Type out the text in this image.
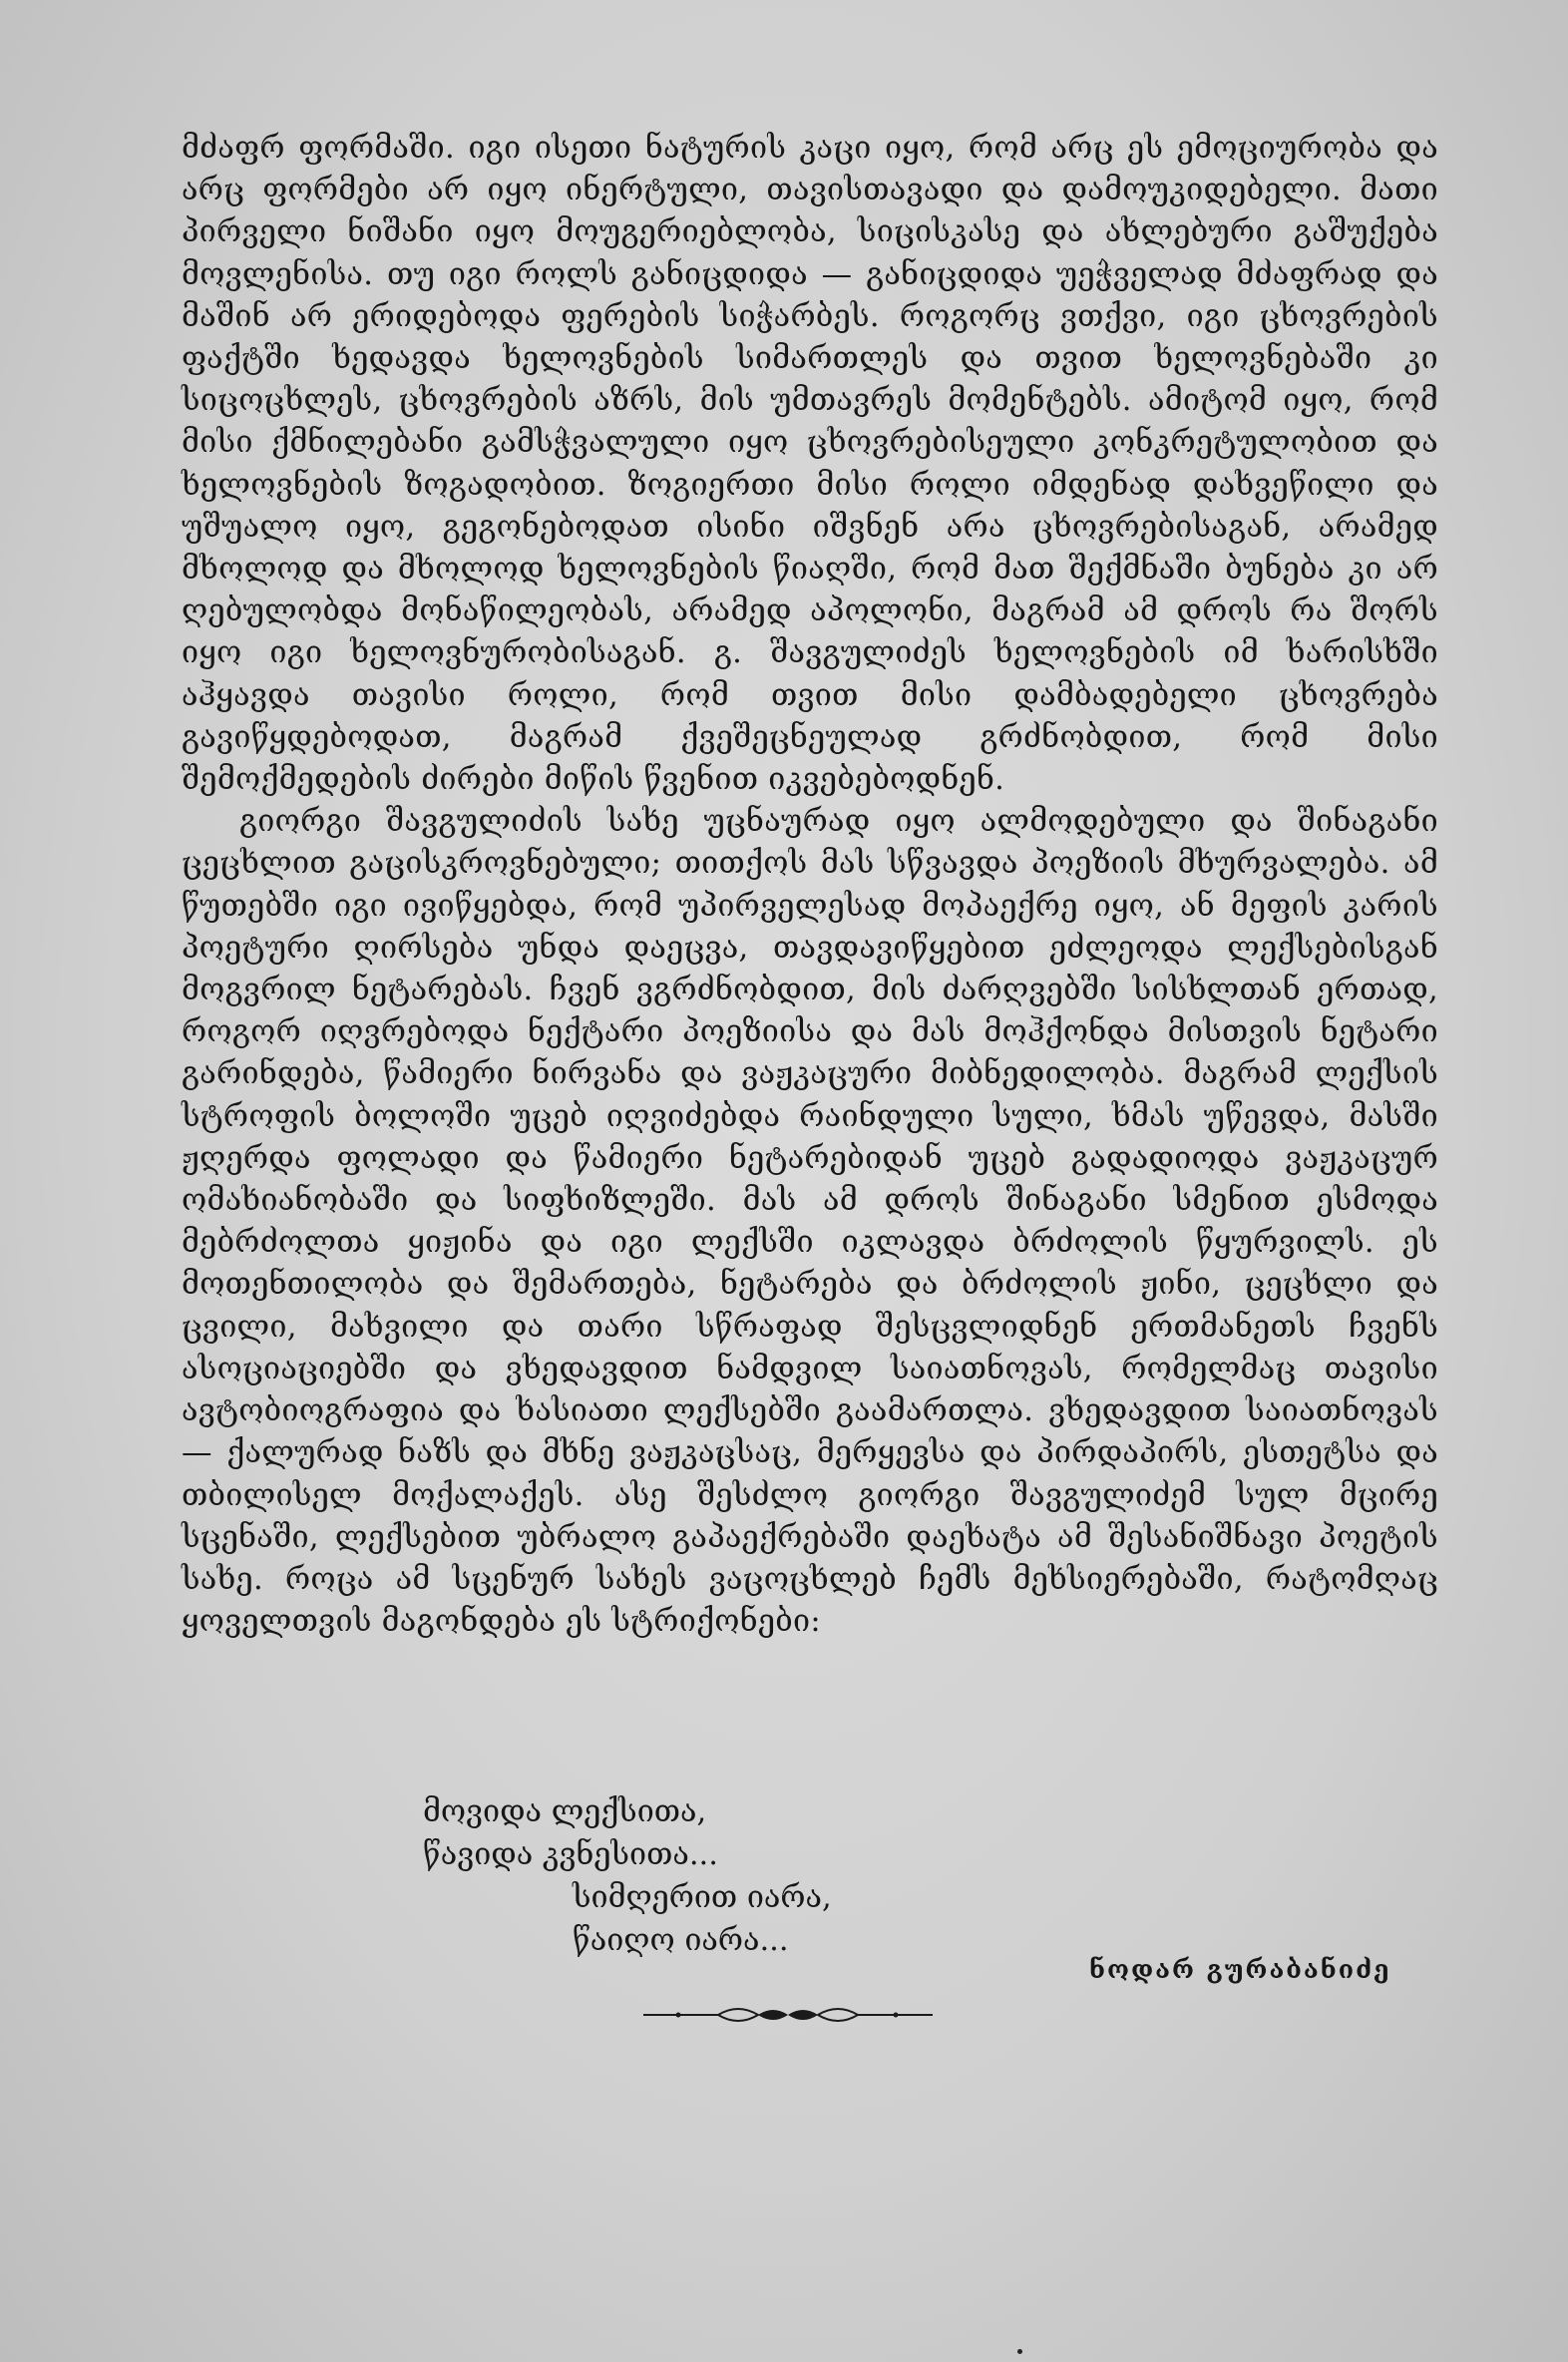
მძაფრ ფორმაში. იგი ისეთი ნატურის კაცი იყო, რომ არც ეს ემოციურობა და არც ფორმები არ იყო ინერტული, თავისთავადი და დამოუკიდებელი. მათი პირველი ნიშანი იყო მოუგერიებლობა, სიცისკასე და ახლებური გაშუქება მოვლენისა. თუ იგი როლს განიცდიდა — განიცდიდა უეჭველად მძაფრად და მაშინ არ ერიდებოდა ფერების სიჭარბეს. როგორც ვთქვი, იგი ცხოვრების ფაქტში ხედავდა ხელოვნების სიმართლეს და თვით ხელოვნებაში კი სიცოცხლეს, ცხოვრების აზრს, მის უმთავრეს მომენტებს. ამიტომ იყო, რომ მისი ქმნილებანი გამსჭვალული იყო ცხოვრებისეული კონკრეტულობით და ხელოვნების ზოგადობით. ზოგიერთი მისი როლი იმდენად დახვეწილი და უშუალო იყო, გეგონებოდათ ისინი იშვნენ არა ცხოვრებისაგან, არამედ მხოლოდ და მხოლოდ ხელოვნების წიაღში, რომ მათ შექმნაში ბუნება კი არ ღებულობდა მონაწილეობას, არამედ აპოლონი, მაგრამ ამ დროს რა შორს იყო იგი ხელოვნურობისაგან. გ. შავგულიძეს ხელოვნების იმ ხარისხში აჰყავდა თავისი როლი, რომ თვით მისი დამბადებელი ცხოვრება გავიწყდებოდათ, მაგრამ ქვეშეცნეულად გრძნობდით, რომ მისი შემოქმედების ძირები მიწის წვენით იკვებებოდნენ.

გიორგი შავგულიძის სახე უცნაურად იყო ალმოდებული და შინაგანი ცეცხლით გაცისკროვნებული; თითქოს მას სწვავდა პოეზიის მხურვალება. ამ წუთებში იგი ივიწყებდა, რომ უპირველესად მოპაექრე იყო, ან მეფის კარის პოეტური ღირსება უნდა დაეცვა, თავდავიწყებით ეძლეოდა ლექსებისგან მოგვრილ ნეტარებას. ჩვენ ვგრძნობდით, მის ძარღვებში სისხლთან ერთად, როგორ იღვრებოდა ნექტარი პოეზიისა და მას მოჰქონდა მისთვის ნეტარი გარინდება, წამიერი ნირვანა და ვაჟკაცური მიბნედილობა. მაგრამ ლექსის სტროფის ბოლოში უცებ იღვიძებდა რაინდული სული, ხმას უწევდა, მასში ჟღერდა ფოლადი და წამიერი ნეტარებიდან უცებ გადადიოდა ვაჟკაცურ ომახიანობაში და სიფხიზლეში. მას ამ დროს შინაგანი სმენით ესმოდა მებრძოლთა ყიჟინა და იგი ლექსში იკლავდა ბრძოლის წყურვილს. ეს მოთენთილობა და შემართება, ნეტარება და ბრძოლის ჟინი, ცეცხლი და ცვილი, მახვილი და თარი სწრაფად შესცვლიდნენ ერთმანეთს ჩვენს ასოციაციებში და ვხედავდით ნამდვილ საიათნოვას, რომელმაც თავისი ავტობიოგრაფია და ხასიათი ლექსებში გაამართლა. ვხედავდით საიათნოვას — ქალურად ნაზს და მხნე ვაჟკაცსაც, მერყევსა და პირდაპირს, ესთეტსა და თბილისელ მოქალაქეს. ასე შესძლო გიორგი შავგულიძემ სულ მცირე სცენაში, ლექსებით უბრალო გაპაექრებაში დაეხატა ამ შესანიშნავი პოეტის სახე. როცა ამ სცენურ სახეს ვაცოცხლებ ჩემს მეხსიერებაში, რატომღაც ყოველთვის მაგონდება ეს სტრიქონები:

მოვიდა ლექსითა,
წავიდა კვნესითა...
სიმღერით იარა,
წაიღო იარა...
ნოდარ გურაბანიძე
